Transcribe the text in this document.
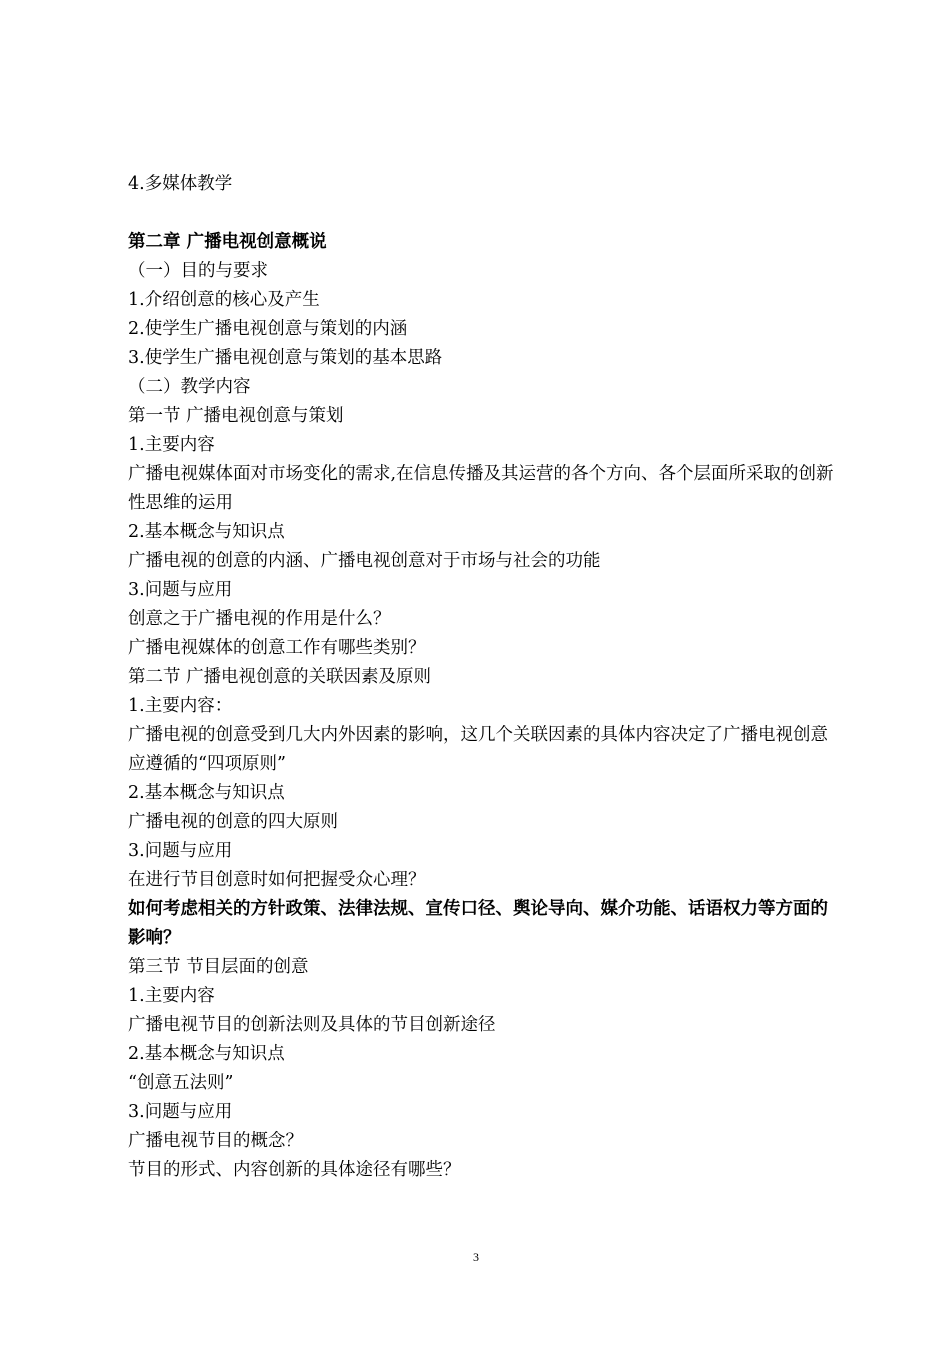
4.多媒体教学
第二章 广播电视创意概说
（一）目的与要求
1.介绍创意的核心及产生
2.使学生广播电视创意与策划的内涵
3.使学生广播电视创意与策划的基本思路
（二）教学内容
第一节 广播电视创意与策划
1.主要内容
广播电视媒体面对市场变化的需求,在信息传播及其运营的各个方向、各个层面所采取的创新性思维的运用
2.基本概念与知识点
广播电视的创意的内涵、广播电视创意对于市场与社会的功能
3.问题与应用
创意之于广播电视的作用是什么？
广播电视媒体的创意工作有哪些类别？
第二节 广播电视创意的关联因素及原则
1.主要内容：
广播电视的创意受到几大内外因素的影响，这几个关联因素的具体内容决定了广播电视创意应遵循的“四项原则”
2.基本概念与知识点
广播电视的创意的四大原则
3.问题与应用
在进行节目创意时如何把握受众心理？
如何考虑相关的方针政策、法律法规、宣传口径、舆论导向、媒介功能、话语权力等方面的影响？
第三节 节目层面的创意
1.主要内容
广播电视节目的创新法则及具体的节目创新途径
2.基本概念与知识点
“创意五法则”
3.问题与应用
广播电视节目的概念？
节目的形式、内容创新的具体途径有哪些？
3
